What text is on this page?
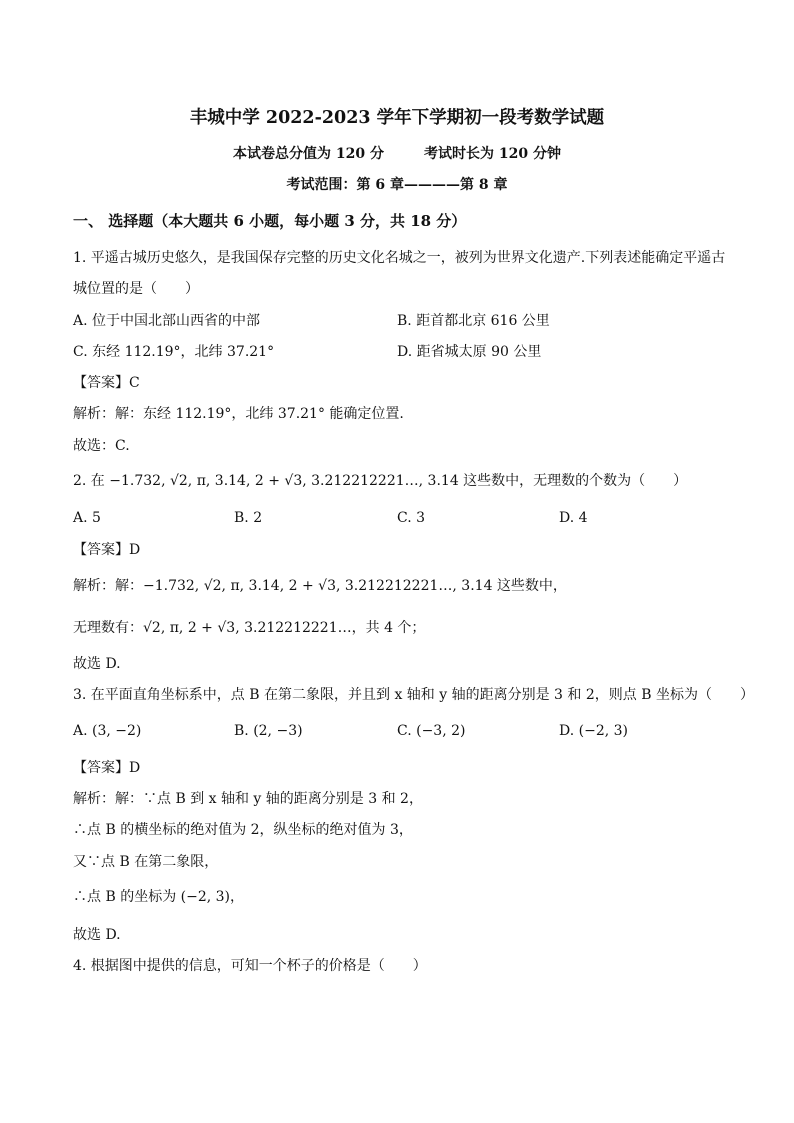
丰城中学 2022-2023 学年下学期初一段考数学试题
本试卷总分值为 120 分	考试时长为 120 分钟
考试范围：第 6 章————第 8 章
一、 选择题（本大题共 6 小题，每小题 3 分，共 18 分）
1. 平遥古城历史悠久，是我国保存完整的历史文化名城之一，被列为世界文化遗产.下列表述能确定平遥古
城位置的是（　　）
A. 位于中国北部山西省的中部	B. 距首都北京 616 公里
C. 东经 112.19°，北纬 37.21°	D. 距省城太原 90 公里
【答案】C
解析：解：东经 112.19°，北纬 37.21° 能确定位置.
故选：C.
2. 在 −1.732, √2, π, 3.14̇, 2 + √3, 3.212212221…, 3.14 这些数中，无理数的个数为（　　）
A. 5	B. 2	C. 3	D. 4
【答案】D
解析：解：−1.732, √2, π, 3.14̇, 2 + √3, 3.212212221…, 3.14 这些数中，
无理数有：√2, π, 2 + √3, 3.212212221…，共 4 个；
故选 D.
3. 在平面直角坐标系中，点 B 在第二象限，并且到 x 轴和 y 轴的距离分别是 3 和 2，则点 B 坐标为（　　）
A. (3, −2)	B. (2, −3)	C. (−3, 2)	D. (−2, 3)
【答案】D
解析：解：∵点 B 到 x 轴和 y 轴的距离分别是 3 和 2，
∴点 B 的横坐标的绝对值为 2，纵坐标的绝对值为 3，
又∵点 B 在第二象限，
∴点 B 的坐标为 (−2, 3)，
故选 D.
4. 根据图中提供的信息，可知一个杯子的价格是（　　）
